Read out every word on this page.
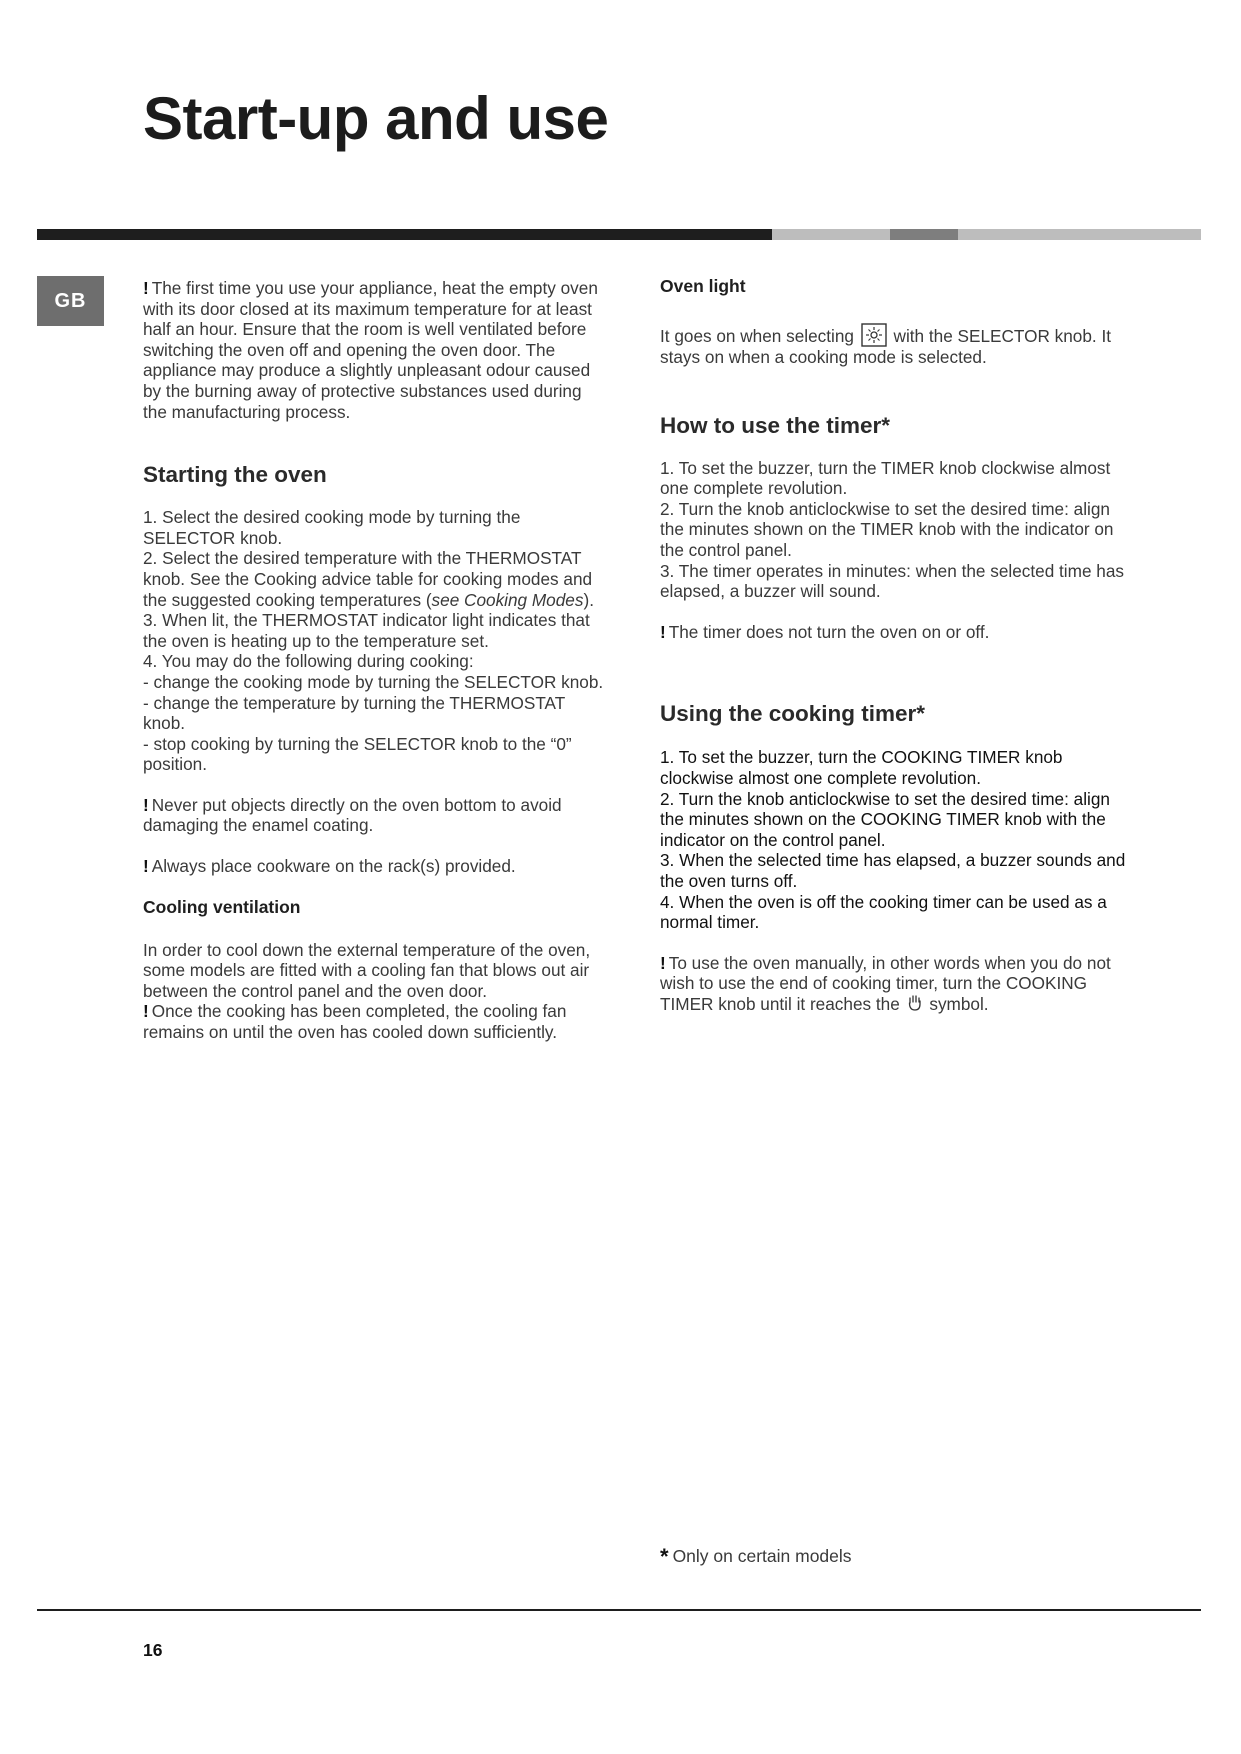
Start-up and use
GB

! The first time you use your appliance, heat the empty oven with its door closed at its maximum temperature for at least half an hour. Ensure that the room is well ventilated before switching the oven off and opening the oven door. The appliance may produce a slightly unpleasant odour caused by the burning away of protective substances used during the manufacturing process.

Starting the oven

1. Select the desired cooking mode by turning the SELECTOR knob.

2. Select the desired temperature with the THERMOSTAT knob. See the Cooking advice table for cooking modes and the suggested cooking temperatures (see Cooking Modes).

3. When lit, the THERMOSTAT indicator light indicates that the oven is heating up to the temperature set.

4. You may do the following during cooking:

- change the cooking mode by turning the SELECTOR knob.

- change the temperature by turning the THERMOSTAT knob.

- stop cooking by turning the SELECTOR knob to the “0” position.

! Never put objects directly on the oven bottom to avoid damaging the enamel coating.

! Always place cookware on the rack(s) provided.

Cooling ventilation

In order to cool down the external temperature of the oven, some models are fitted with a cooling fan that blows out air between the control panel and the oven door.

! Once the cooking has been completed, the cooling fan remains on until the oven has cooled down sufficiently.

Oven light

It goes on when selecting with the SELECTOR knob. It stays on when a cooking mode is selected.

How to use the timer*

1. To set the buzzer, turn the TIMER knob clockwise almost one complete revolution.

2. Turn the knob anticlockwise to set the desired time: align the minutes shown on the TIMER knob with the indicator on the control panel.

3. The timer operates in minutes: when the selected time has elapsed, a buzzer will sound.

! The timer does not turn the oven on or off.

Using the cooking timer*

1. To set the buzzer, turn the COOKING TIMER knob clockwise almost one complete revolution.

2. Turn the knob anticlockwise to set the desired time: align the minutes shown on the COOKING TIMER knob with the indicator on the control panel.

3. When the selected time has elapsed, a buzzer sounds and the oven turns off.

4. When the oven is off the cooking timer can be used as a normal timer.

! To use the oven manually, in other words when you do not wish to use the end of cooking timer, turn the COOKING TIMER knob until it reaches the symbol.

* Only on certain models
16
